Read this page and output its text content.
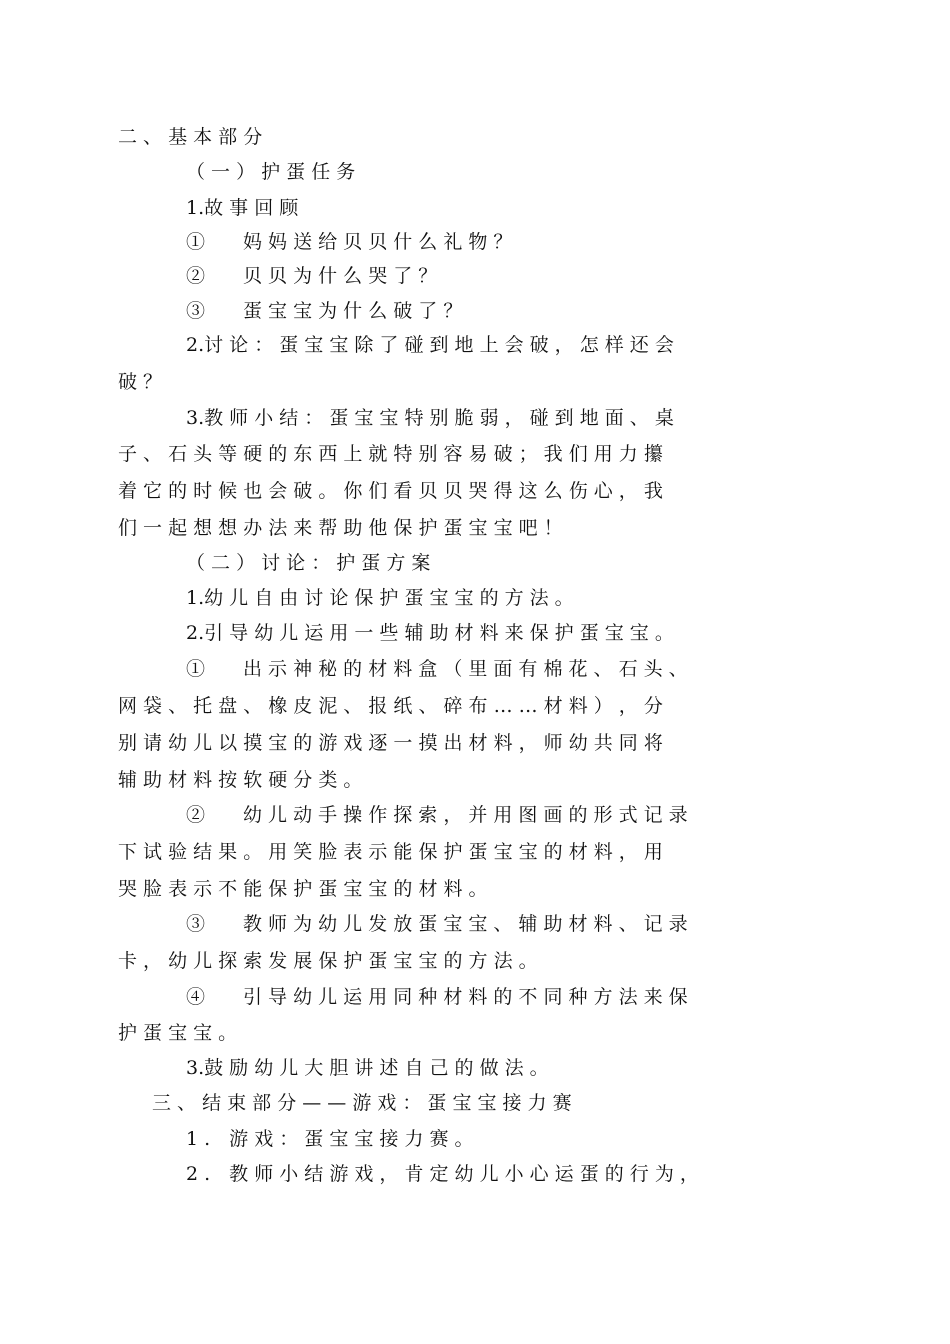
二 、 基 本 部 分
（ 一 ） 护 蛋 任 务
1.故 事 回 顾
①　　妈 妈 送 给 贝 贝 什 么 礼 物 ？
②　　贝 贝 为 什 么 哭 了 ？
③　　蛋 宝 宝 为 什 么 破 了 ？
2.讨 论 ： 蛋 宝 宝 除 了 碰 到 地 上 会 破 ， 怎 样 还 会
破 ？
3.教 师 小 结 ： 蛋 宝 宝 特 别 脆 弱 ， 碰 到 地 面 、 桌
子 、 石 头 等 硬 的 东 西 上 就 特 别 容 易 破 ； 我 们 用 力 攥
着 它 的 时 候 也 会 破 。 你 们 看 贝 贝 哭 得 这 么 伤 心 ， 我
们 一 起 想 想 办 法 来 帮 助 他 保 护 蛋 宝 宝 吧 ！
（ 二 ） 讨 论 ： 护 蛋 方 案
1.幼 儿 自 由 讨 论 保 护 蛋 宝 宝 的 方 法 。
2.引 导 幼 儿 运 用 一 些 辅 助 材 料 来 保 护 蛋 宝 宝 。
①　　出 示 神 秘 的 材 料 盒 （ 里 面 有 棉 花 、 石 头 、
网 袋 、 托 盘 、 橡 皮 泥 、 报 纸 、 碎 布 … … 材 料 ） ， 分
别 请 幼 儿 以 摸 宝 的 游 戏 逐 一 摸 出 材 料 ， 师 幼 共 同 将
辅 助 材 料 按 软 硬 分 类 。
②　　幼 儿 动 手 操 作 探 索 ， 并 用 图 画 的 形 式 记 录
下 试 验 结 果 。 用 笑 脸 表 示 能 保 护 蛋 宝 宝 的 材 料 ， 用
哭 脸 表 示 不 能 保 护 蛋 宝 宝 的 材 料 。
③　　教 师 为 幼 儿 发 放 蛋 宝 宝 、 辅 助 材 料 、 记 录
卡 ， 幼 儿 探 索 发 展 保 护 蛋 宝 宝 的 方 法 。
④　　引 导 幼 儿 运 用 同 种 材 料 的 不 同 种 方 法 来 保
护 蛋 宝 宝 。
3.鼓 励 幼 儿 大 胆 讲 述 自 己 的 做 法 。
三 、 结 束 部 分 — — 游 戏 ： 蛋 宝 宝 接 力 赛
1 .　游 戏 ： 蛋 宝 宝 接 力 赛 。
2 .　教 师 小 结 游 戏 ， 肯 定 幼 儿 小 心 运 蛋 的 行 为 ，
